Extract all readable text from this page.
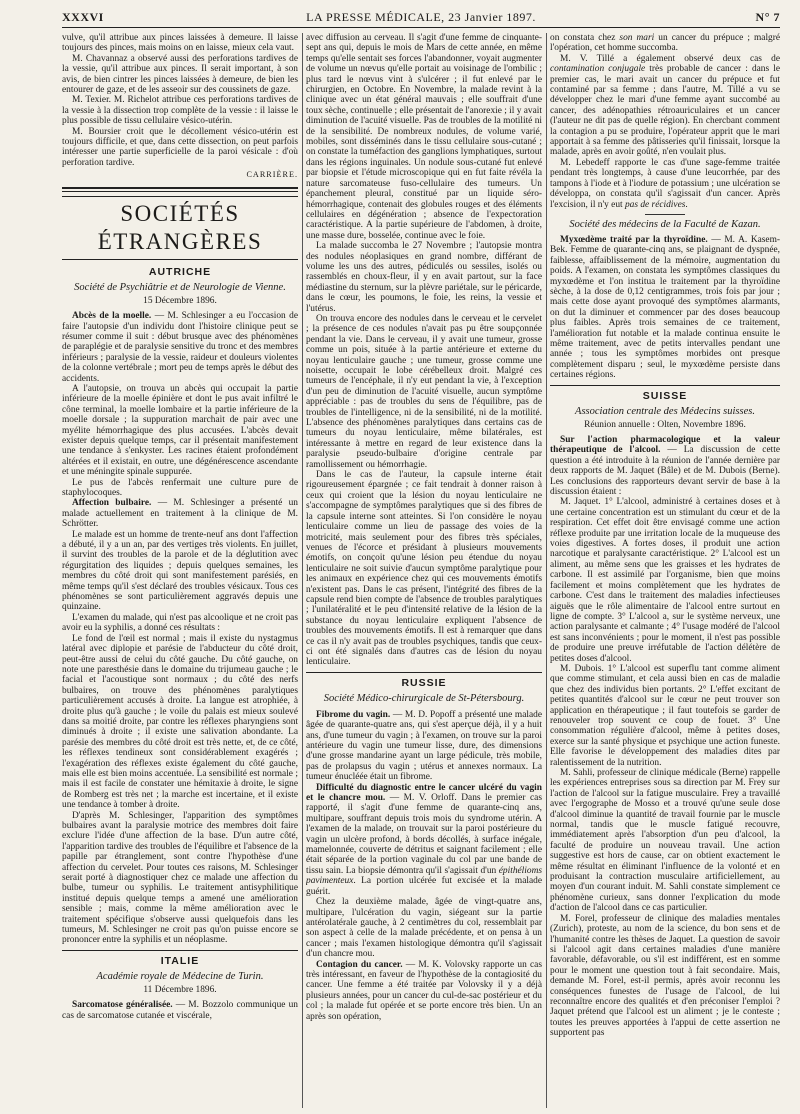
XXXVI	LA PRESSE MÉDICALE, 23 Janvier 1897.	N° 7

vulve, qu'il attribue aux pinces laissées à demeure. Il laisse toujours des pinces, mais moins on en laisse, mieux cela vaut.

M. Chavannaz a observé aussi des perforations tardives de la vessie, qu'il attribue aux pinces. Il serait important, à son avis, de bien cintrer les pinces laissées à demeure, de bien les entourer de gaze, et de les asseoir sur des coussinets de gaze.

M. Texier. M. Richelot attribue ces perforations tardives de la vessie à la dissection trop complète de la vessie : il laisse le plus possible de tissu cellulaire vésico-utérin.

M. Boursier croit que le décollement vésico-utérin est toujours difficile, et que, dans cette dissection, on peut parfois intéresser une partie superficielle de la paroi vésicale : d'où perforation tardive.

CARRIÈRE.
SOCIÉTÉS ÉTRANGÈRES
AUTRICHE
Société de Psychiâtrie et de Neurologie de Vienne.
15 Décembre 1896.

Abcès de la moelle. — M. Schlesinger a eu l'occasion de faire l'autopsie d'un individu dont l'histoire clinique peut se résumer comme il suit : début brusque avec des phénomènes de paraplégie et de paralysie sensitive du tronc et des membres inférieurs ; paralysie de la vessie, raideur et douleurs violentes de la colonne vertébrale ; mort peu de temps après le début des accidents.

A l'autopsie, on trouva un abcès qui occupait la partie inférieure de la moelle épinière et dont le pus avait infiltré le cône terminal, la moelle lombaire et la partie inférieure de la moelle dorsale ; la suppuration marchait de pair avec une myélite hémorrhagique des plus accusées. L'abcès devait exister depuis quelque temps, car il présentait manifestement une tendance à s'enkyster. Les racines étaient profondément altérées et il existait, en outre, une dégénérescence ascendante et une méningite spinale suppurée.

Le pus de l'abcès renfermait une culture pure de staphylocoques.

Affection bulbaire. — M. Schlesinger a présenté un malade actuellement en traitement à la clinique de M. Schrötter.

Le malade est un homme de trente-neuf ans dont l'affection a débuté, il y a un an, par des vertiges très violents. En juillet, il survint des troubles de la parole et de la déglutition avec régurgitation des liquides ; depuis quelques semaines, les membres du côté droit qui sont manifestement parésiés, en même temps qu'il s'est déclaré des troubles vésicaux. Tous ces phénomènes se sont particulièrement aggravés depuis une quinzaine.

L'examen du malade, qui n'est pas alcoolique et ne croit pas avoir eu la syphilis, a donné ces résultats :

Le fond de l'œil est normal ; mais il existe du nystagmus latéral avec diplopie et parésie de l'abducteur du côté droit, peut-être aussi de celui du côté gauche. Du côté gauche, on note une paresthésie dans le domaine du trijumeau gauche ; le facial et l'acoustique sont normaux ; du côté des nerfs bulbaires, on trouve des phénomènes paralytiques particulièrement accusés à droite. La langue est atrophiée, à droite plus qu'à gauche ; le voile du palais est mieux soulevé dans sa moitié droite, par contre les réflexes pharyngiens sont diminués à droite ; il existe une salivation abondante. La parésie des membres du côté droit est très nette, et, de ce côté, les réflexes tendineux sont considérablement exagérés ; l'exagération des réflexes existe également du côté gauche, mais elle est bien moins accentuée. La sensibilité est normale ; mais il est facile de constater une hémitaxie à droite, le signe de Romberg est très net ; la marche est incertaine, et il existe une tendance à tomber à droite.

D'après M. Schlesinger, l'apparition des symptômes bulbaires avant la paralysie motrice des membres doit faire exclure l'idée d'une affection de la base. D'un autre côté, l'apparition tardive des troubles de l'équilibre et l'absence de la papille par étranglement, sont contre l'hypothèse d'une affection du cervelet. Pour toutes ces raisons, M. Schlesinger serait porté à diagnostiquer chez ce malade une affection du bulbe, tumeur ou syphilis. Le traitement antisyphilitique institué depuis quelque temps a amené une amélioration sensible ; mais, comme la même amélioration avec le traitement spécifique s'observe aussi quelquefois dans les tumeurs, M. Schlesinger ne croit pas qu'on puisse encore se prononcer entre la syphilis et un néoplasme.

ITALIE
Académie royale de Médecine de Turin.
11 Décembre 1896.

Sarcomatose généralisée. — M. Bozzolo communique un cas de sarcomatose cutanée et viscérale,

avec diffusion au cerveau. Il s'agit d'une femme de cinquante-sept ans qui, depuis le mois de Mars de cette année, en même temps qu'elle sentait ses forces l'abandonner, voyait augmenter de volume un nœvus qu'elle portait au voisinage de l'ombilic ; plus tard le nœvus vint à s'ulcérer ; il fut enlevé par le chirurgien, en Octobre. En Novembre, la malade revint à la clinique avec un état général mauvais ; elle souffrait d'une toux sèche, continuelle ; elle présentait de l'anorexie ; il y avait diminution de l'acuité visuelle. Pas de troubles de la motilité ni de la sensibilité. De nombreux nodules, de volume varié, mobiles, sont disséminés dans le tissu cellulaire sous-cutané ; on constate la tuméfaction des ganglions lymphatiques, surtout dans les régions inguinales. Un nodule sous-cutané fut enlevé par biopsie et l'étude microscopique qui en fut faite révéla la nature sarcomateuse fuso-cellulaire des tumeurs. Un épanchement pleural, constitué par un liquide séro-hémorrhagique, contenait des globules rouges et des éléments cellulaires en dégénération ; absence de l'expectoration caractéristique. A la partie supérieure de l'abdomen, à droite, une masse dure, bosselée, continue avec le foie.

La malade succomba le 27 Novembre ; l'autopsie montra des nodules néoplasiques en grand nombre, différant de volume les uns des autres, pédiculés ou sessiles, isolés ou rassemblés en choux-fleur, il y en avait partout, sur la face médiastine du sternum, sur la plèvre pariétale, sur le péricarde, dans le cœur, les poumons, le foie, les reins, la vessie et l'utérus.

On trouva encore des nodules dans le cerveau et le cervelet ; la présence de ces nodules n'avait pas pu être soupçonnée pendant la vie. Dans le cerveau, il y avait une tumeur, grosse comme un pois, située à la partie antérieure et externe du noyau lenticulaire gauche ; une tumeur, grosse comme une noisette, occupait le lobe cérébelleux droit. Malgré ces tumeurs de l'encéphale, il n'y eut pendant la vie, à l'exception d'un peu de diminution de l'acuité visuelle, aucun symptôme appréciable : pas de troubles du sens de l'équilibre, pas de troubles de l'intelligence, ni de la sensibilité, ni de la motilité. L'absence des phénomènes paralytiques dans certains cas de tumeurs du noyau lenticulaire, même bilatérales, est intéressante à mettre en regard de leur existence dans la paralysie pseudo-bulbaire d'origine centrale par ramollissement ou hémorrhagie.

Dans le cas de l'auteur, la capsule interne était rigoureusement épargnée ; ce fait tendrait à donner raison à ceux qui croient que la lésion du noyau lenticulaire ne s'accompagne de symptômes paralytiques que si des fibres de la capsule interne sont atteintes. Si l'on considère le noyau lenticulaire comme un lieu de passage des voies de la motricité, mais seulement pour des fibres très spéciales, venues de l'écorce et présidant à plusieurs mouvements émotifs, on conçoit qu'une lésion peu étendue du noyau lenticulaire ne soit suivie d'aucun symptôme paralytique pour les animaux en expérience chez qui ces mouvements émotifs n'existent pas. Dans le cas présent, l'intégrité des fibres de la capsule rend bien compte de l'absence de troubles paralytiques ; l'unilatéralité et le peu d'intensité relative de la lésion de la substance du noyau lenticulaire expliquent l'absence de troubles des mouvements émotifs. Il est à remarquer que dans ce cas il n'y avait pas de troubles psychiques, tandis que ceux-ci ont été signalés dans d'autres cas de lésion du noyau lenticulaire.

RUSSIE
Société Médico-chirurgicale de St-Pétersbourg.

Fibrome du vagin. — M. D. Popoff a présenté une malade âgée de quarante-quatre ans, qui s'est aperçue déjà, il y a huit ans, d'une tumeur du vagin ; à l'examen, on trouve sur la paroi antérieure du vagin une tumeur lisse, dure, des dimensions d'une grosse mandarine ayant un large pédicule, très mobile, pas de prolapsus du vagin ; utérus et annexes normaux. La tumeur énucléée était un fibrome.

Difficulté du diagnostic entre le cancer ulcéré du vagin et le chancre mou. — M. V. Orloff. Dans le premier cas rapporté, il s'agit d'une femme de quarante-cinq ans, multipare, souffrant depuis trois mois du syndrome utérin. A l'examen de la malade, on trouvait sur la paroi postérieure du vagin un ulcère profond, à bords décollés, à surface inégale, mamelonnée, couverte de détritus et saignant facilement ; elle était séparée de la portion vaginale du col par une bande de tissu sain. La biopsie démontra qu'il s'agissait d'un épithélioms pavimenteux. La portion ulcérée fut excisée et la malade guérit.

Chez la deuxième malade, âgée de vingt-quatre ans, multipare, l'ulcération du vagin, siégeant sur la partie antérolatérale gauche, à 2 centimètres du col, ressemblait par son aspect à celle de la malade précédente, et on pensa à un cancer ; mais l'examen histologique démontra qu'il s'agissait d'un chancre mou.

Contagion du cancer. — M. K. Volovsky rapporte un cas très intéressant, en faveur de l'hypothèse de la contagiosité du cancer. Une femme a été traitée par Volovsky il y a déjà plusieurs années, pour un cancer du cul-de-sac postérieur et du col ; la malade fut opérée et se porte encore très bien. Un an après son opération,

on constata chez son mari un cancer du prépuce ; malgré l'opération, cet homme succomba.

M. V. Tillé a également observé deux cas de contamination conjugale très probable de cancer : dans le premier cas, le mari avait un cancer du prépuce et fut contaminé par sa femme ; dans l'autre, M. Tillé a vu se développer chez le mari d'une femme ayant succombé au cancer, des adénopathies rétroauriculaires et un cancer (l'auteur ne dit pas de quelle région). En chercbant comment la contagion a pu se produire, l'opérateur apprit que le mari apportait à sa femme des pâtisseries qu'il finissait, lorsque la malade, après en avoir goûté, n'en voulait plus.

M. Lebedeff rapporte le cas d'une sage-femme traitée pendant très longtemps, à cause d'une leucorrhée, par des tampons à l'iode et à l'iodure de potassium ; une ulcération se développa, on constata qu'il s'agissait d'un cancer. Après l'excision, il n'y eut pas de récidives.

Société des médecins de la Faculté de Kazan.

Myxœdème traité par la thyroïdine. — M. A. Kasem-Bek. Femme de quarante-cinq ans, se plaignant de dyspnée, faiblesse, affaiblissement de la mémoire, augmentation du poids. A l'examen, on constata les symptômes classiques du myxœdème et l'on institua le traitement par la thyroïdine sèche, à la dose de 0,12 centigrammes, trois fois par jour ; mais cette dose ayant provoqué des symptômes alarmants, on dut la diminuer et commencer par des doses beaucoup plus faibles. Après trois semaines de ce traitement, l'amélioration fut notable et la malade continua ensuite le même traitement, avec de petits intervalles pendant une année ; tous les symptômes morbides ont presque complètement disparu ; seul, le myxœdème persiste dans certaines régions.

SUISSE
Association centrale des Médecins suisses.
Réunion annuelle : Olten, Novembre 1896.

Sur l'action pharmacologique et la valeur thérapeutique de l'alcool. — La discussion de cette question a été introduite à la réunion de l'année dernière par deux rapports de M. Jaquet (Bâle) et de M. Dubois (Berne). Les conclusions des rapporteurs devant servir de base à la discussion étaient :

M. Jaquet. 1° L'alcool, administré à certaines doses et à une certaine concentration est un stimulant du cœur et de la respiration. Cet effet doit être envisagé comme une action réflexe produite par une irritation locale de la muqueuse des voies digestives. A fortes doses, il produit une action narcotique et paralysante caractéristique. 2° L'alcool est un aliment, au même sens que les graisses et les hydrates de carbone. Il est assimilé par l'organisme, bien que moins facilement et moins complètement que les hydrates de carbone. C'est dans le traitement des maladies infectieuses aiguës que le rôle alimentaire de l'alcool entre surtout en ligne de compte. 3° L'alcool a, sur le système nerveux, une action paralysante et calmante ; 4° l'usage modéré de l'alcool est sans inconvénients ; pour le moment, il n'est pas possible de produire une preuve irréfutable de l'action délétère de petites doses d'alcool.

M. Dubois. 1° L'alcool est superflu tant comme aliment que comme stimulant, et cela aussi bien en cas de maladie que chez des individus bien portants. 2° L'effet excitant de petites quantités d'alcool sur le cœur ne peut trouver son application en thérapeutique ; il faut toutefois se garder de renouveler trop souvent ce coup de fouet. 3° Une consommation régulière d'alcool, même à petites doses, exerce sur la santé physique et psychique une action funeste. Elle favorise le développement des maladies dites par ralentissement de la nutrition.

M. Sahli, professeur de clinique médicale (Berne) rappelle les expériences entreprises sous sa direction par M. Frey sur l'action de l'alcool sur la fatigue musculaire. Frey a travaillé avec l'ergographe de Mosso et a trouvé qu'une seule dose d'alcool diminue la quantité de travail fournie par le muscle normal, tandis que le muscle fatigué recouvre, immédiatement après l'absorption d'un peu d'alcool, la faculté de produire un nouveau travail. Une action suggestive est hors de cause, car on obtient exactement le même résultat en éliminant l'influence de la volonté et en produisant la contraction musculaire artificiellement, au moyen d'un courant induit. M. Sahli constate simplement ce phénomène curieux, sans donner l'explication du mode d'action de l'alcool dans ce cas particulier.

M. Forel, professeur de clinique des maladies mentales (Zurich), proteste, au nom de la science, du bon sens et de l'humanité contre les thèses de Jaquet. La question de savoir si l'alcool agit dans certaines maladies d'une manière favorable, défavorable, ou s'il est indifférent, est en somme pour le moment une question tout à fait secondaire. Mais, demande M. Forel, est-il permis, après avoir reconnu les conséquences funestes de l'usage de l'alcool, de lui reconnaître encore des qualités et d'en préconiser l'emploi ? Jaquet prétend que l'alcool est un aliment ; je le conteste ; toutes les preuves apportées à l'appui de cette assertion ne supportent pas
